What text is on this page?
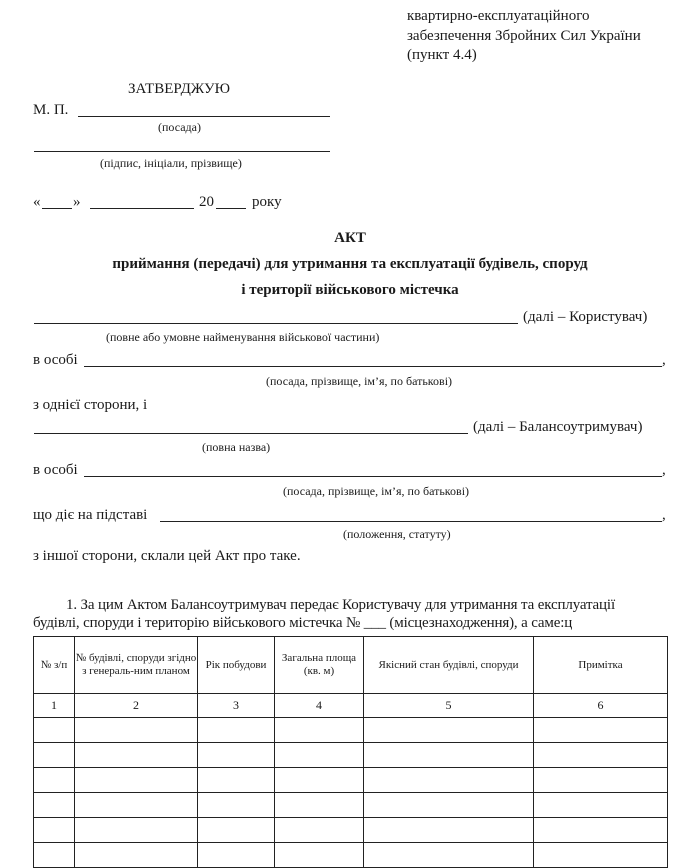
квартирно-експлуатаційного
забезпечення Збройних Сил України
(пункт 4.4)
ЗАТВЕРДЖУЮ
М. П.
(посада)
(підпис, ініціали, прізвище)
« »	20	року
АКТ
приймання (передачі) для утримання та експлуатації будівель, споруд
і території військового містечка
(далі – Користувач)
(повне або умовне найменування військової частини)
в особі	,
(посада, прізвище, ім’я, по батькові)
з однієї сторони, і
(далі – Балансоутримувач)
(повна назва)
в особі	,
(посада, прізвище, ім’я, по батькові)
що діє на підставі	,
(положення, статуту)
з іншої сторони, склали цей Акт про таке.
1. За цим Актом Балансоутримувач передає Користувачу для утримання та експлуатації
будівлі, споруди і територію військового містечка № ___ (місцезнаходження), а саме:ц
№ з/п	№ будівлі, споруди згідно з генераль-ним планом	Рік побудови	Загальна площа (кв. м)	Якісний стан будівлі, споруди	Примітка
1	2	3	4	5	6
